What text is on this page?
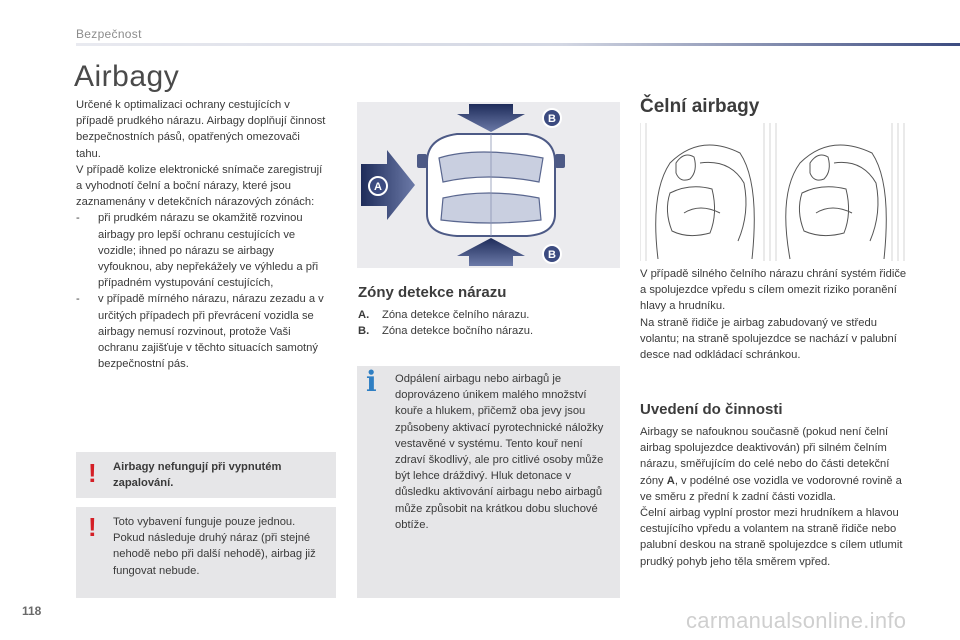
Bezpečnost
Airbagy

Určené k optimalizaci ochrany cestujících v případě prudkého nárazu. Airbagy doplňují činnost bezpečnostních pásů, opatřených omezovači tahu.

V případě kolize elektronické snímače zaregistrují a vyhodnotí čelní a boční nárazy, které jsou zaznamenány v detekčních nárazových zónách:

- při prudkém nárazu se okamžitě rozvinou airbagy pro lepší ochranu cestujících ve vozidle; ihned po nárazu se airbagy vyfouknou, aby nepřekážely ve výhledu a při případném vystupování cestujících,
- v případě mírného nárazu, nárazu zezadu a v určitých případech při převrácení vozidla se airbagy nemusí rozvinout, protože Vaši ochranu zajišťuje v těchto situacích samotný bezpečnostní pás.
! Airbagy nefungují při vypnutém zapalování.
! Toto vybavení funguje pouze jednou. Pokud následuje druhý náraz (při stejné nehodě nebo při další nehodě), airbag již fungovat nebude.
A
B
B
Zóny detekce nárazu
A.	Zóna detekce čelního nárazu.
B.	Zóna detekce bočního nárazu.
i Odpálení airbagu nebo airbagů je doprovázeno únikem malého množství kouře a hlukem, přičemž oba jevy jsou způsobeny aktivací pyrotechnické náložky vestavěné v systému. Tento kouř není zdraví škodlivý, ale pro citlivé osoby může být lehce dráždivý. Hluk detonace v důsledku aktivování airbagu nebo airbagů může způsobit na krátkou dobu sluchové obtíže.
Čelní airbagy

V případě silného čelního nárazu chrání systém řidiče a spolujezdce vpředu s cílem omezit riziko poranění hlavy a hrudníku.

Na straně řidiče je airbag zabudovaný ve středu volantu; na straně spolujezdce se nachází v palubní desce nad odkládací schránkou.

Uvedení do činnosti

Airbagy se nafouknou současně (pokud není čelní airbag spolujezdce deaktivován) při silném čelním nárazu, směřujícím do celé nebo do části detekční zóny A, v podélné ose vozidla ve vodorovné rovině a ve směru z přední k zadní části vozidla.

Čelní airbag vyplní prostor mezi hrudníkem a hlavou cestujícího vpředu a volantem na straně řidiče nebo palubní deskou na straně spolujezdce s cílem utlumit prudký pohyb jeho těla směrem vpřed.

118	carmanualsonline.info
